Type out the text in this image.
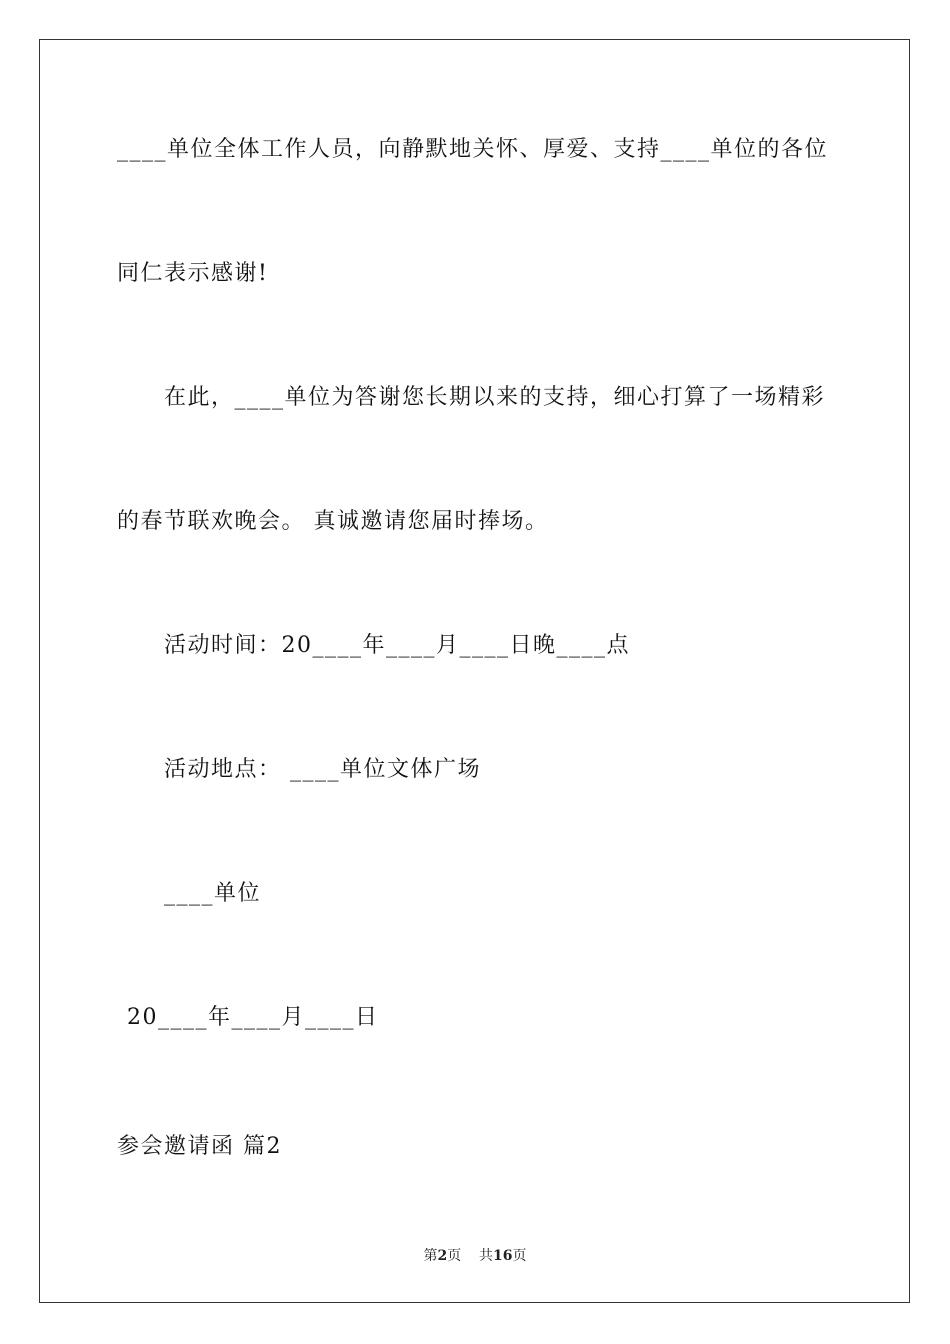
____单位全体工作人员，向静默地关怀、厚爱、支持____单位的各位
同仁表示感谢!
在此，____单位为答谢您长期以来的支持，细心打算了一场精彩
的春节联欢晚会。 真诚邀请您届时捧场。
活动时间：20____年____月____日晚____点
活动地点： ____单位文体广场
____单位
20____年____月____日
参会邀请函 篇2
第2页 共16页
